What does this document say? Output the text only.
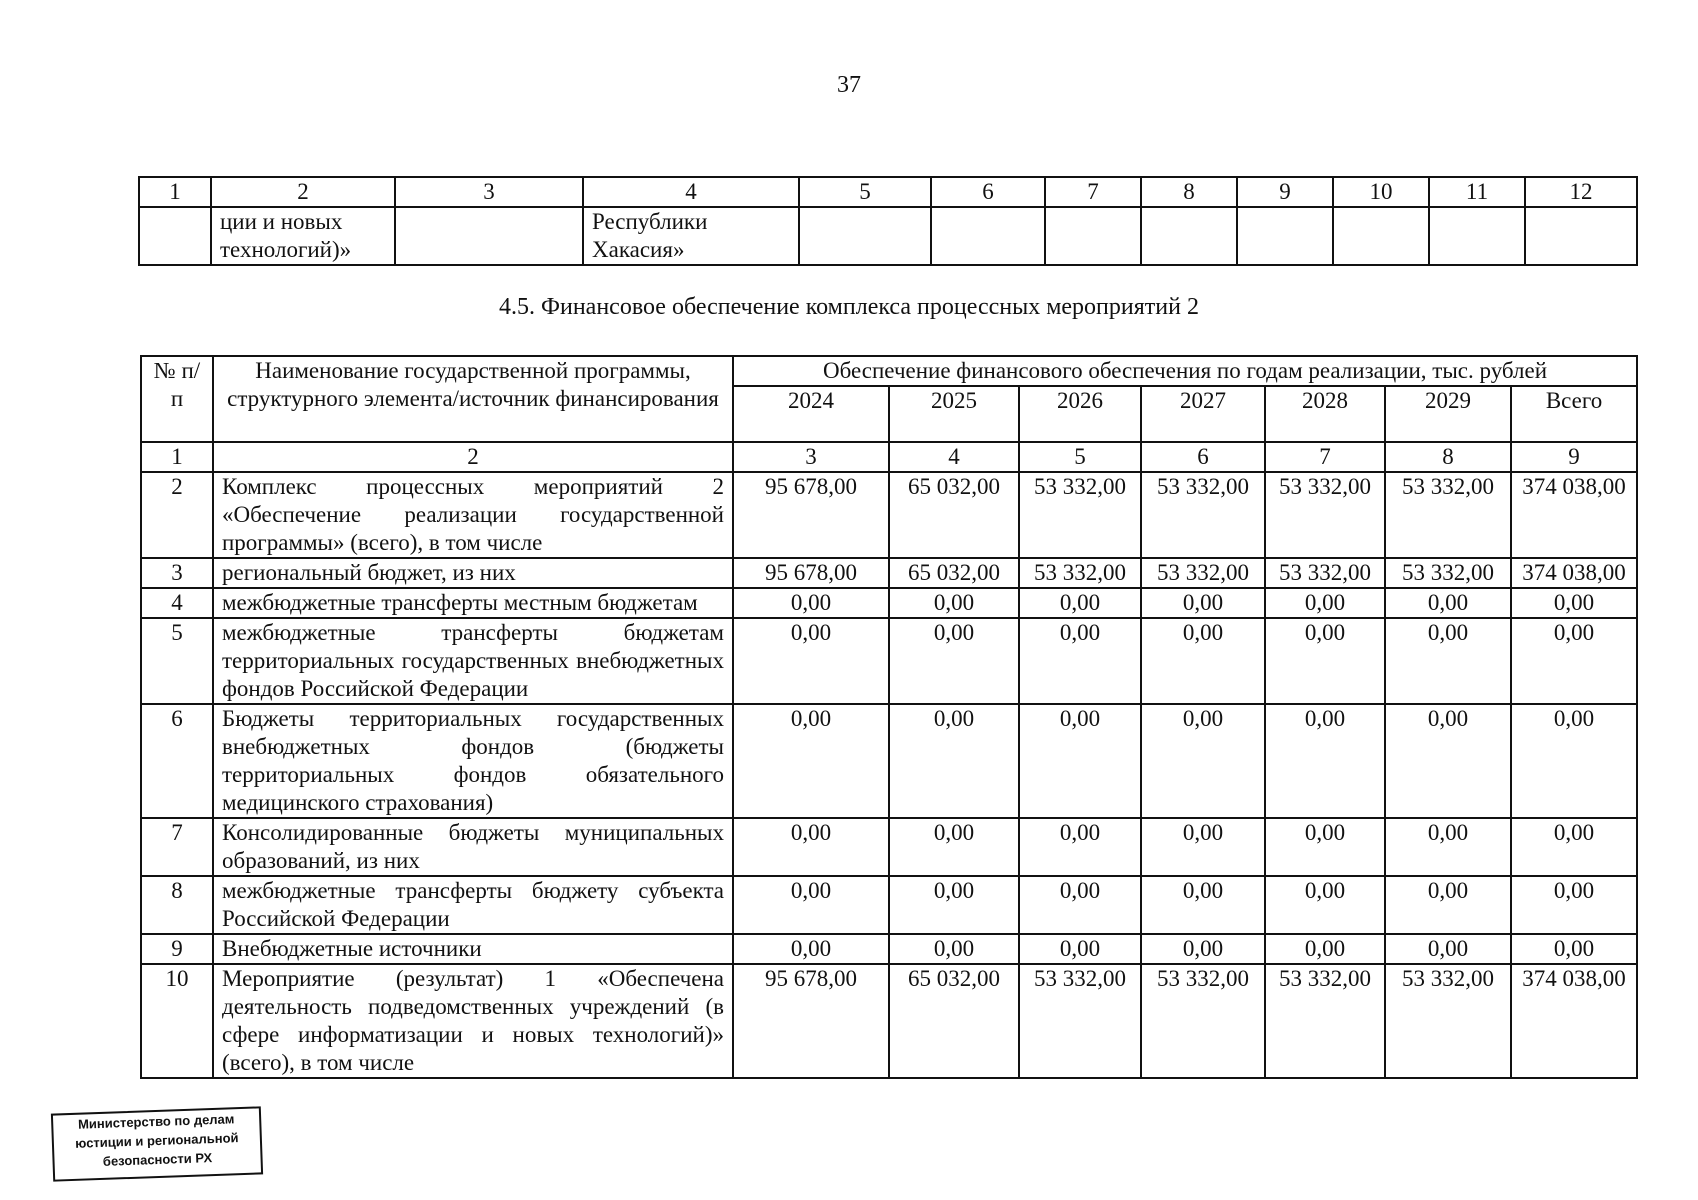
37
1	2	3	4	5	6	7	8	9	10	11	12
	ции и новых технологий)»		Республики Хакасия»								
4.5. Финансовое обеспечение комплекса процессных мероприятий 2
№ п/п	Наименование государственной программы, структурного элемента/источник финансирования	Обеспечение финансового обеспечения по годам реализации, тыс. рублей						
		2024	2025	2026	2027	2028	2029	Всего
1	2	3	4	5	6	7	8	9
2	Комплекс процессных мероприятий 2 «Обеспечение реализации государственной программы» (всего), в том числе	95 678,00	65 032,00	53 332,00	53 332,00	53 332,00	53 332,00	374 038,00
3	региональный бюджет, из них	95 678,00	65 032,00	53 332,00	53 332,00	53 332,00	53 332,00	374 038,00
4	межбюджетные трансферты местным бюджетам	0,00	0,00	0,00	0,00	0,00	0,00	0,00
5	межбюджетные трансферты бюджетам территориальных государственных внебюджетных фондов Российской Федерации	0,00	0,00	0,00	0,00	0,00	0,00	0,00
6	Бюджеты территориальных государственных внебюджетных фондов (бюджеты территориальных фондов обязательного медицинского страхования)	0,00	0,00	0,00	0,00	0,00	0,00	0,00
7	Консолидированные бюджеты муниципальных образований, из них	0,00	0,00	0,00	0,00	0,00	0,00	0,00
8	межбюджетные трансферты бюджету субъекта Российской Федерации	0,00	0,00	0,00	0,00	0,00	0,00	0,00
9	Внебюджетные источники	0,00	0,00	0,00	0,00	0,00	0,00	0,00
10	Мероприятие (результат) 1 «Обеспечена деятельность подведомственных учреждений (в сфере информатизации и новых технологий)» (всего), в том числе	95 678,00	65 032,00	53 332,00	53 332,00	53 332,00	53 332,00	374 038,00
Министерство по делам
юстиции и региональной
безопасности РХ
